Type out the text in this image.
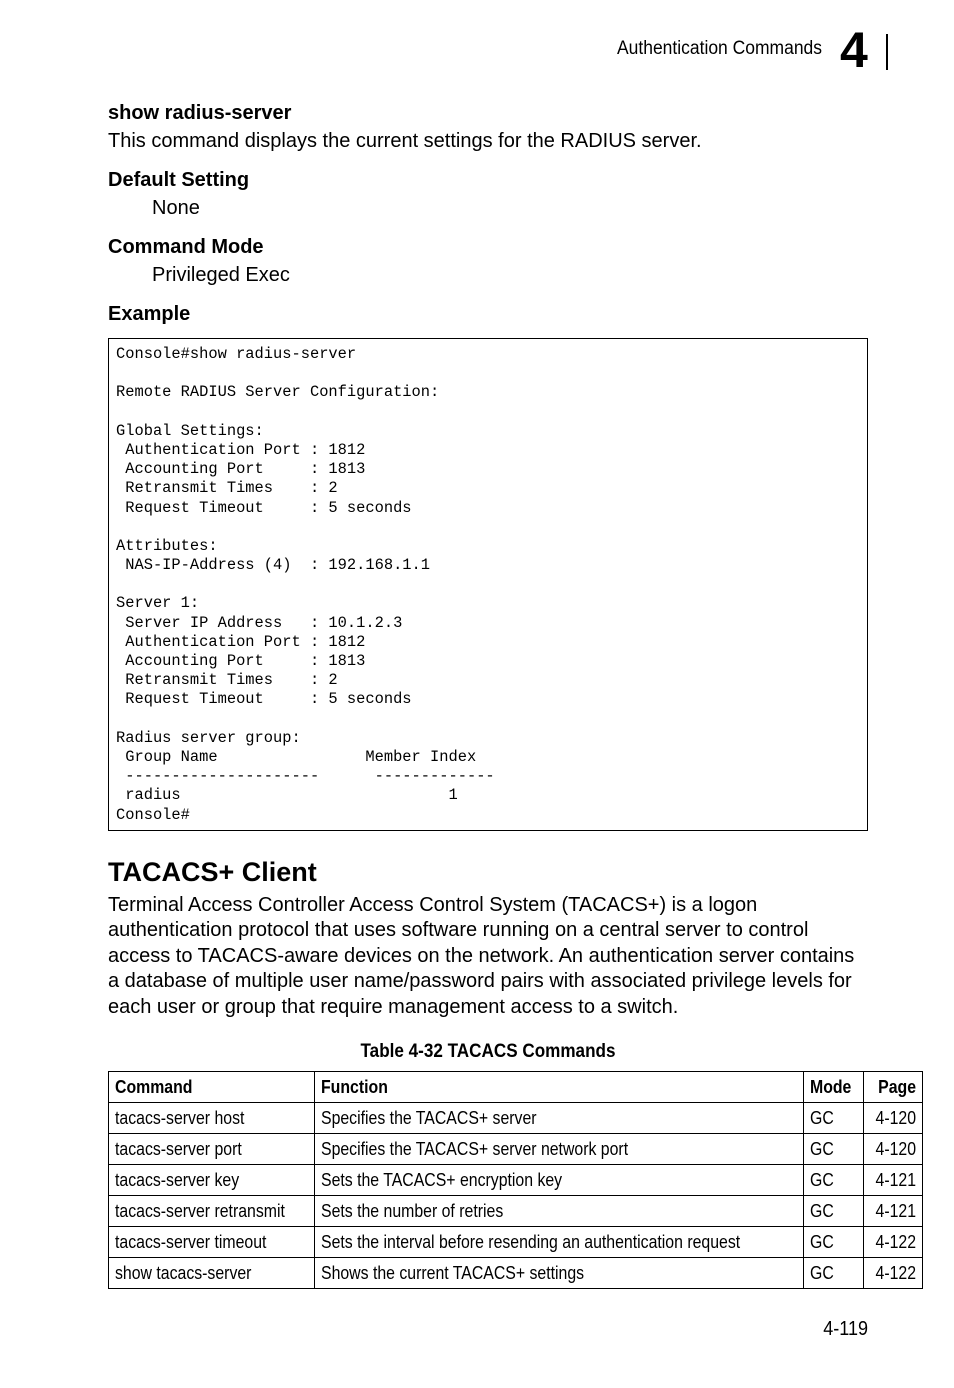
Authentication Commands 4
show radius-server

This command displays the current settings for the RADIUS server.

Default Setting
None
Command Mode
Privileged Exec
Example
Console#show radius-server
Remote RADIUS Server Configuration:
Global Settings:
Authentication Port : 1812
Accounting Port     : 1813
Retransmit Times    : 2
Request Timeout     : 5 seconds
Attributes:
NAS-IP-Address (4)  : 192.168.1.1
Server 1:
Server IP Address   : 10.1.2.3
Authentication Port : 1812
Accounting Port     : 1813
Retransmit Times    : 2
Request Timeout     : 5 seconds
Radius server group:
Group Name                Member Index
---------------------      -------------
radius                             1
Console#
TACACS+ Client

Terminal Access Controller Access Control System (TACACS+) is a logon authentication protocol that uses software running on a central server to control access to TACACS-aware devices on the network. An authentication server contains a database of multiple user name/password pairs with associated privilege levels for each user or group that require management access to a switch.

Table 4-32 TACACS Commands
Command	Function	Mode	Page
tacacs-server host	Specifies the TACACS+ server	GC	4-120
tacacs-server port	Specifies the TACACS+ server network port	GC	4-120
tacacs-server key	Sets the TACACS+ encryption key	GC	4-121
tacacs-server retransmit	Sets the number of retries	GC	4-121
tacacs-server timeout	Sets the interval before resending an authentication request	GC	4-122
show tacacs-server	Shows the current TACACS+ settings	GC	4-122
4-119
